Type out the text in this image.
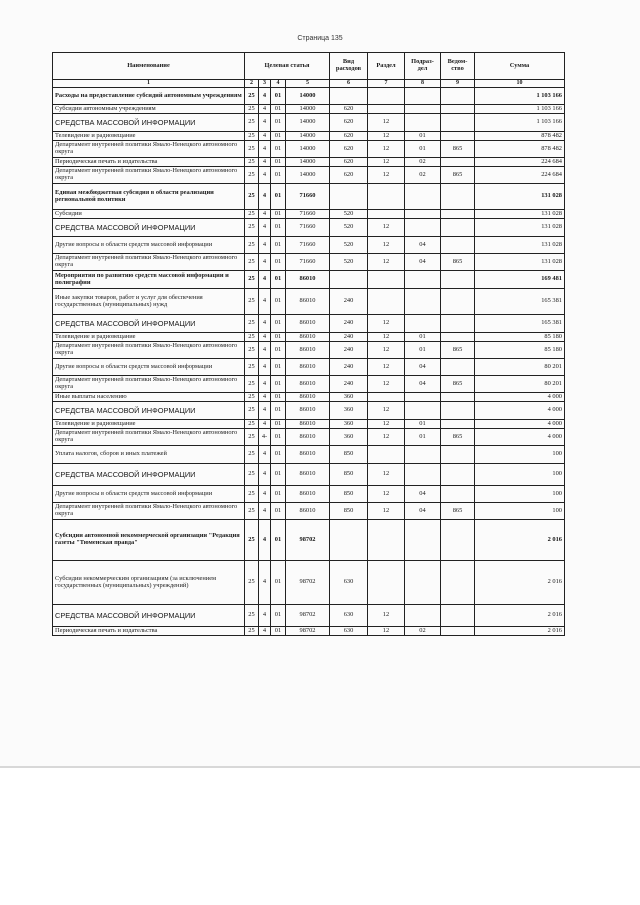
Страница 135
Наименование	Целевая статья				Вид расходов	Раздел	Подраз-дел	Ведом-ство	Сумма
1	2	3	4	5	6	7	8	9	10
Расходы на предоставление субсидий автономным учреждениям	25	4	01	14000					1 103 166
Субсидии автономным учреждениям	25	4	01	14000	620				1 103 166
СРЕДСТВА МАССОВОЙ ИНФОРМАЦИИ	25	4	01	14000	620	12			1 103 166
Телевидение и радиовещание	25	4	01	14000	620	12	01		878 482
Департамент внутренней политики Ямало-Ненецкого автономного округа	25	4	01	14000	620	12	01	865	878 482
Периодическая печать и издательства	25	4	01	14000	620	12	02		224 684
Департамент внутренней политики Ямало-Ненецкого автономного округа	25	4	01	14000	620	12	02	865	224 684
Единая межбюджетная субсидия в области реализации региональной политики	25	4	01	71660					131 028
Субсидии	25	4	01	71660	520				131 028
СРЕДСТВА МАССОВОЙ ИНФОРМАЦИИ	25	4	01	71660	520	12			131 028
Другие вопросы в области средств массовой информации	25	4	01	71660	520	12	04		131 028
Департамент внутренней политики Ямало-Ненецкого автономного округа	25	4	01	71660	520	12	04	865	131 028
Мероприятия по развитию средств массовой информации и полиграфии	25	4	01	86010					169 481
Иные закупки товаров, работ и услуг для обеспечения государственных (муниципальных) нужд	25	4	01	86010	240				165 381
СРЕДСТВА МАССОВОЙ ИНФОРМАЦИИ	25	4	01	86010	240	12			165 381
Телевидение и радиовещание	25	4	01	86010	240	12	01		85 180
Департамент внутренней политики Ямало-Ненецкого автономного округа	25	4	01	86010	240	12	01	865	85 180
Другие вопросы в области средств массовой информации	25	4	01	86010	240	12	04		80 201
Департамент внутренней политики Ямало-Ненецкого автономного округа	25	4	01	86010	240	12	04	865	80 201
Иные выплаты населению	25	4	01	86010	360				4 000
СРЕДСТВА МАССОВОЙ ИНФОРМАЦИИ	25	4	01	86010	360	12			4 000
Телевидение и радиовещание	25	4	01	86010	360	12	01		4 000
Департамент внутренней политики Ямало-Ненецкого автономного округа	25	4-	01	86010	360	12	01	865	4 000
Уплата налогов, сборов и иных платежей	25	4	01	86010	850				100
СРЕДСТВА МАССОВОЙ ИНФОРМАЦИИ	25	4	01	86010	850	12			100
Другие вопросы в области средств массовой информации	25	4	01	86010	850	12	04		100
Департамент внутренней политики Ямало-Ненецкого автономного округа	25	4	01	86010	850	12	04	865	100
Субсидии автономной некоммерческой организации "Редакция газеты "Тюменская правда"	25	4	01	98702					2 016
Субсидии некоммерческим организациям (за исключением государственных (муниципальных) учреждений)	25	4	01	98702	630				2 016
СРЕДСТВА МАССОВОЙ ИНФОРМАЦИИ	25	4	01	98702	630	12			2 016
Периодическая печать и издательства	25	4	01	98702	630	12	02		2 016
